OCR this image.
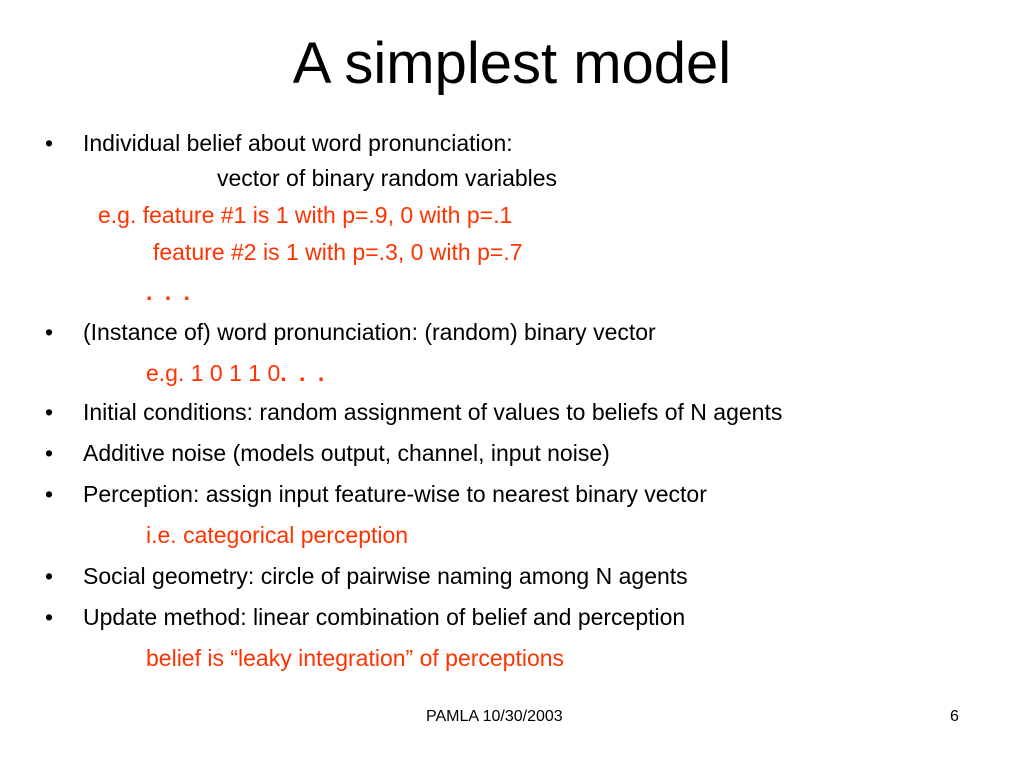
A simplest model
• Individual belief about word pronunciation:
vector of binary random variables
e.g. feature #1 is 1 with p=.9, 0 with p=.1
feature #2 is 1 with p=.3, 0 with p=.7
. . .
• (Instance of) word pronunciation: (random) binary vector
e.g. 1 0 1 1 0. . .
• Initial conditions: random assignment of values to beliefs of N agents
• Additive noise (models output, channel, input noise)
• Perception: assign input feature-wise to nearest binary vector
i.e. categorical perception
• Social geometry: circle of pairwise naming among N agents
• Update method: linear combination of belief and perception
belief is “leaky integration” of perceptions
PAMLA 10/30/2003	6
